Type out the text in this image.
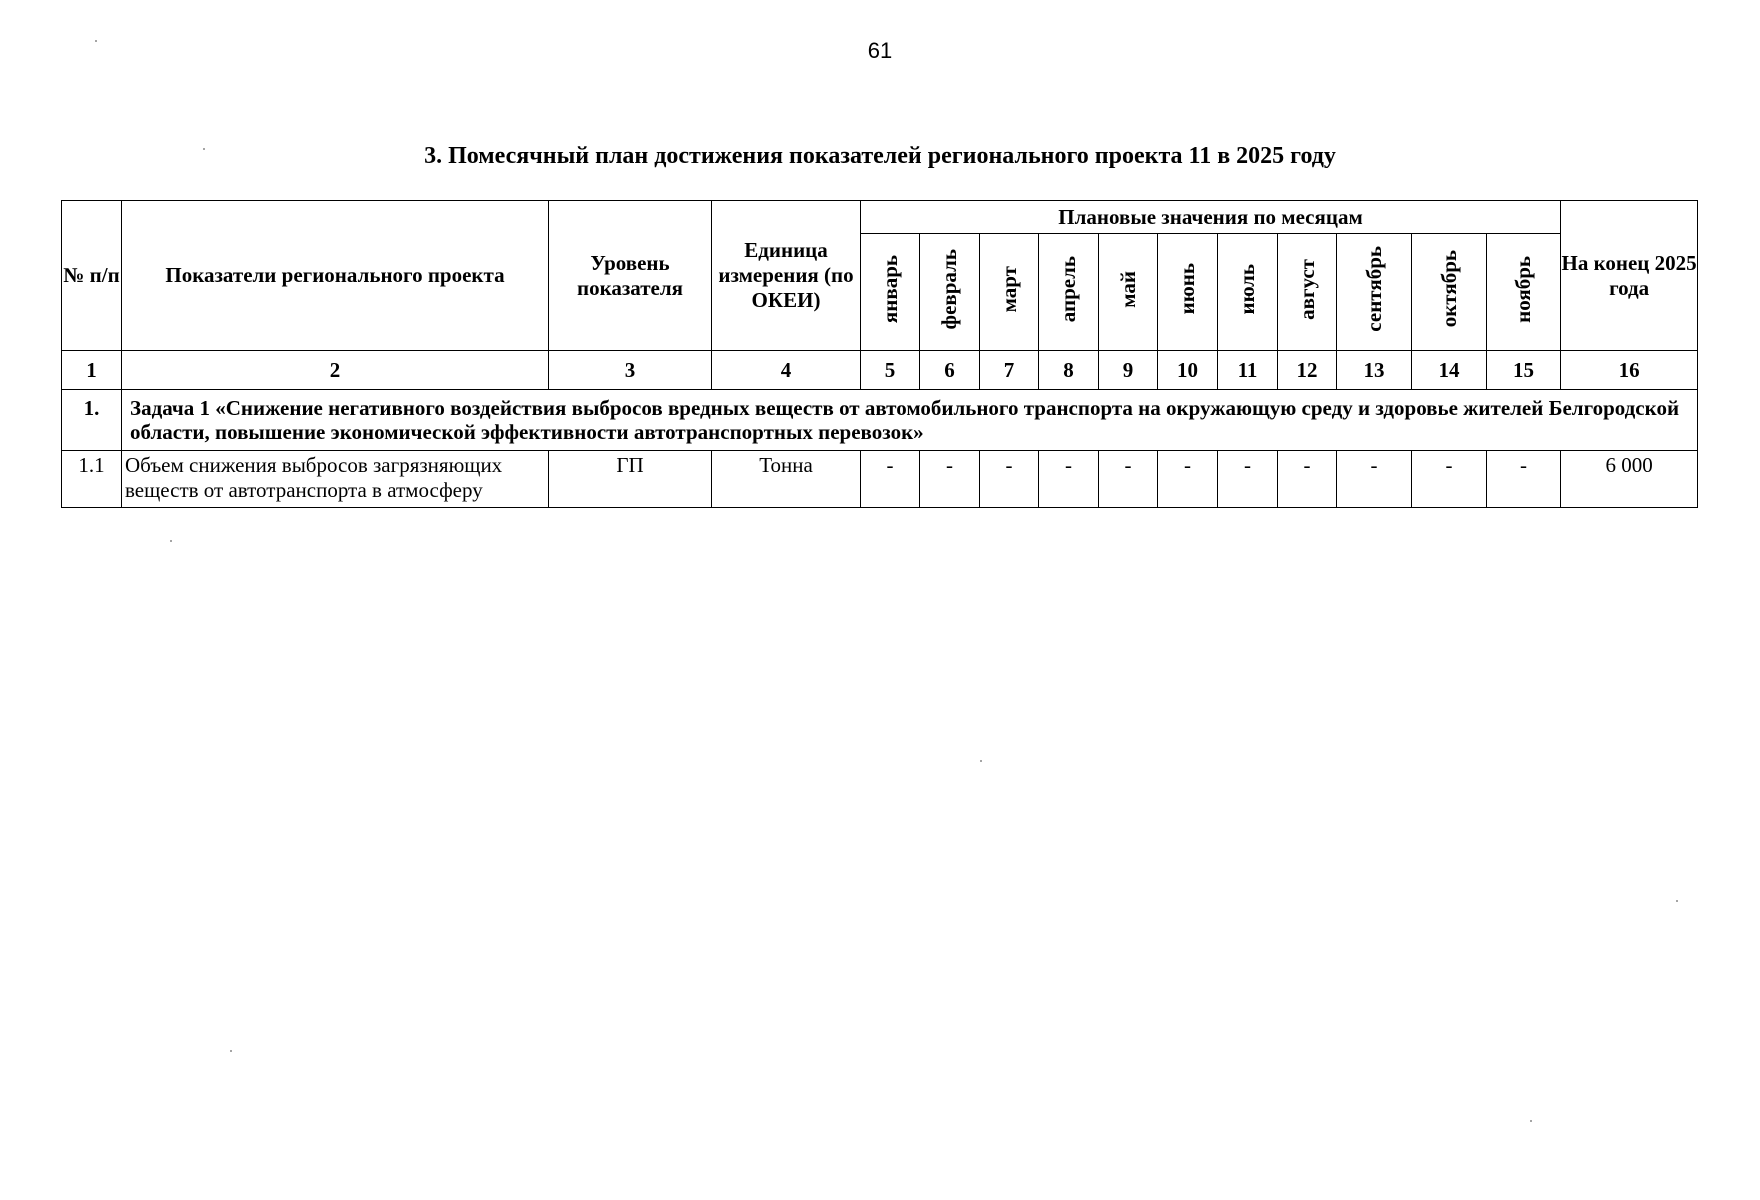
61
3. Помесячный план достижения показателей регионального проекта 11 в 2025 году
№ п/п	Показатели регионального проекта	Уровень показателя	Единица измерения (по ОКЕИ)	Плановые значения по месяцам											На конец 2025 года
				январь	февраль	март	апрель	май	июнь	июль	август	сентябрь	октябрь	ноябрь	
1	2	3	4	5	6	7	8	9	10	11	12	13	14	15	16
1.	Задача 1 «Снижение негативного воздействия выбросов вредных веществ от автомобильного транспорта на окружающую среду и здоровье жителей Белгородской области, повышение экономической эффективности автотранспортных перевозок»														
1.1	Объем снижения выбросов загрязняющих веществ от автотранспорта в атмосферу	ГП	Тонна	-	-	-	-	-	-	-	-	-	-	-	6 000
